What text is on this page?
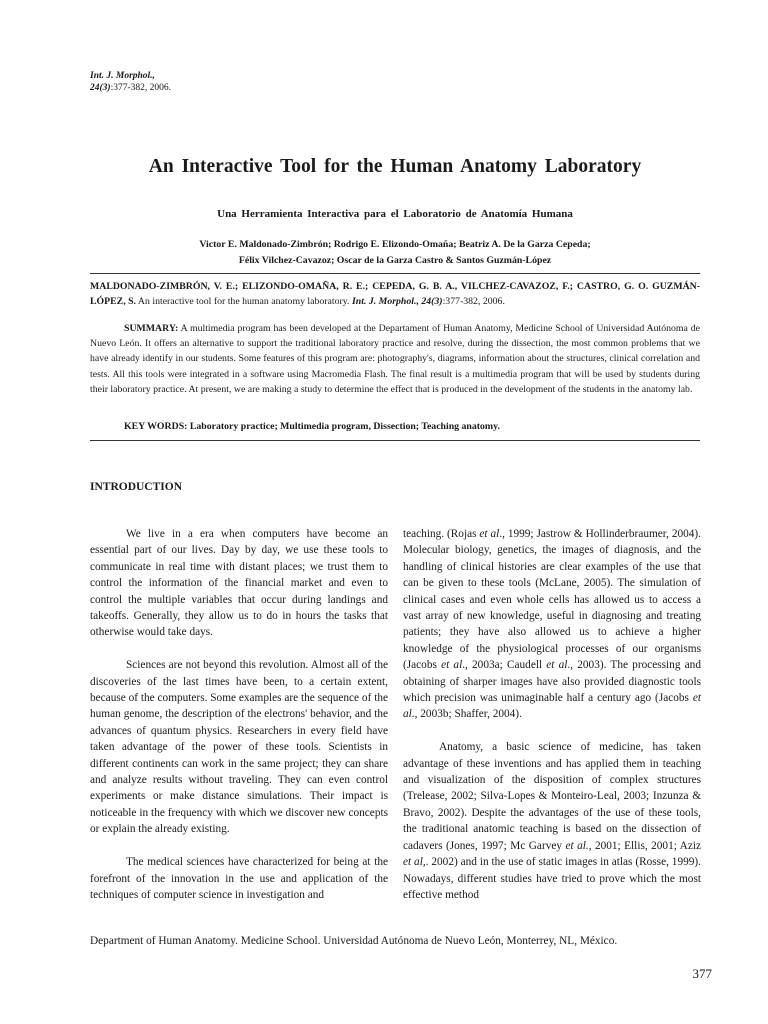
Int. J. Morphol.,
24(3):377-382, 2006.
An Interactive Tool for the Human Anatomy Laboratory
Una Herramienta Interactiva para el Laboratorio de Anatomía Humana
Victor E. Maldonado-Zimbrón; Rodrigo E. Elizondo-Omaña; Beatriz A. De la Garza Cepeda;
Félix Vilchez-Cavazoz; Oscar de la Garza Castro & Santos Guzmán-López
MALDONADO-ZIMBRÓN, V. E.; ELIZONDO-OMAÑA, R. E.; CEPEDA, G. B. A., VILCHEZ-CAVAZOZ, F.; CASTRO, G. O. GUZMÁN-LÓPEZ, S. An interactive tool for the human anatomy laboratory. Int. J. Morphol., 24(3):377-382, 2006.

SUMMARY: A multimedia program has been developed at the Departament of Human Anatomy, Medicine School of Universidad Autónoma de Nuevo León. It offers an alternative to support the traditional laboratory practice and resolve, during the dissection, the most common problems that we have already identify in our students. Some features of this program are: photography's, diagrams, information about the structures, clinical correlation and tests. All this tools were integrated in a software using Macromedia Flash. The final result is a multimedia program that will be used by students during their laboratory practice. At present, we are making a study to determine the effect that is produced in the development of the students in the anatomy lab.

KEY WORDS: Laboratory practice; Multimedia program, Dissection; Teaching anatomy.
INTRODUCTION

We live in a era when computers have become an essential part of our lives. Day by day, we use these tools to communicate in real time with distant places; we trust them to control the information of the financial market and even to control the multiple variables that occur during landings and takeoffs. Generally, they allow us to do in hours the tasks that otherwise would take days.

Sciences are not beyond this revolution. Almost all of the discoveries of the last times have been, to a certain extent, because of the computers. Some examples are the sequence of the human genome, the description of the electrons' behavior, and the advances of quantum physics. Researchers in every field have taken advantage of the power of these tools. Scientists in different continents can work in the same project; they can share and analyze results without traveling. They can even control experiments or make distance simulations. Their impact is noticeable in the frequency with which we discover new concepts or explain the already existing.

The medical sciences have characterized for being at the forefront of the innovation in the use and application of the techniques of computer science in investigation and

teaching. (Rojas et al., 1999; Jastrow & Hollinderbraumer, 2004). Molecular biology, genetics, the images of diagnosis, and the handling of clinical histories are clear examples of the use that can be given to these tools (McLane, 2005). The simulation of clinical cases and even whole cells has allowed us to access a vast array of new knowledge, useful in diagnosing and treating patients; they have also allowed us to achieve a higher knowledge of the physiological processes of our organisms (Jacobs et al., 2003a; Caudell et al., 2003). The processing and obtaining of sharper images have also provided diagnostic tools which precision was unimaginable half a century ago (Jacobs et al., 2003b; Shaffer, 2004).

Anatomy, a basic science of medicine, has taken advantage of these inventions and has applied them in teaching and visualization of the disposition of complex structures (Trelease, 2002; Silva-Lopes & Monteiro-Leal, 2003; Inzunza & Bravo, 2002). Despite the advantages of the use of these tools, the traditional anatomic teaching is based on the dissection of cadavers (Jones, 1997; Mc Garvey et al., 2001; Ellis, 2001; Aziz et al,. 2002) and in the use of static images in atlas (Rosse, 1999). Nowadays, different studies have tried to prove which the most effective method

Department of Human Anatomy. Medicine School. Universidad Autónoma de Nuevo León, Monterrey, NL, México.
377
